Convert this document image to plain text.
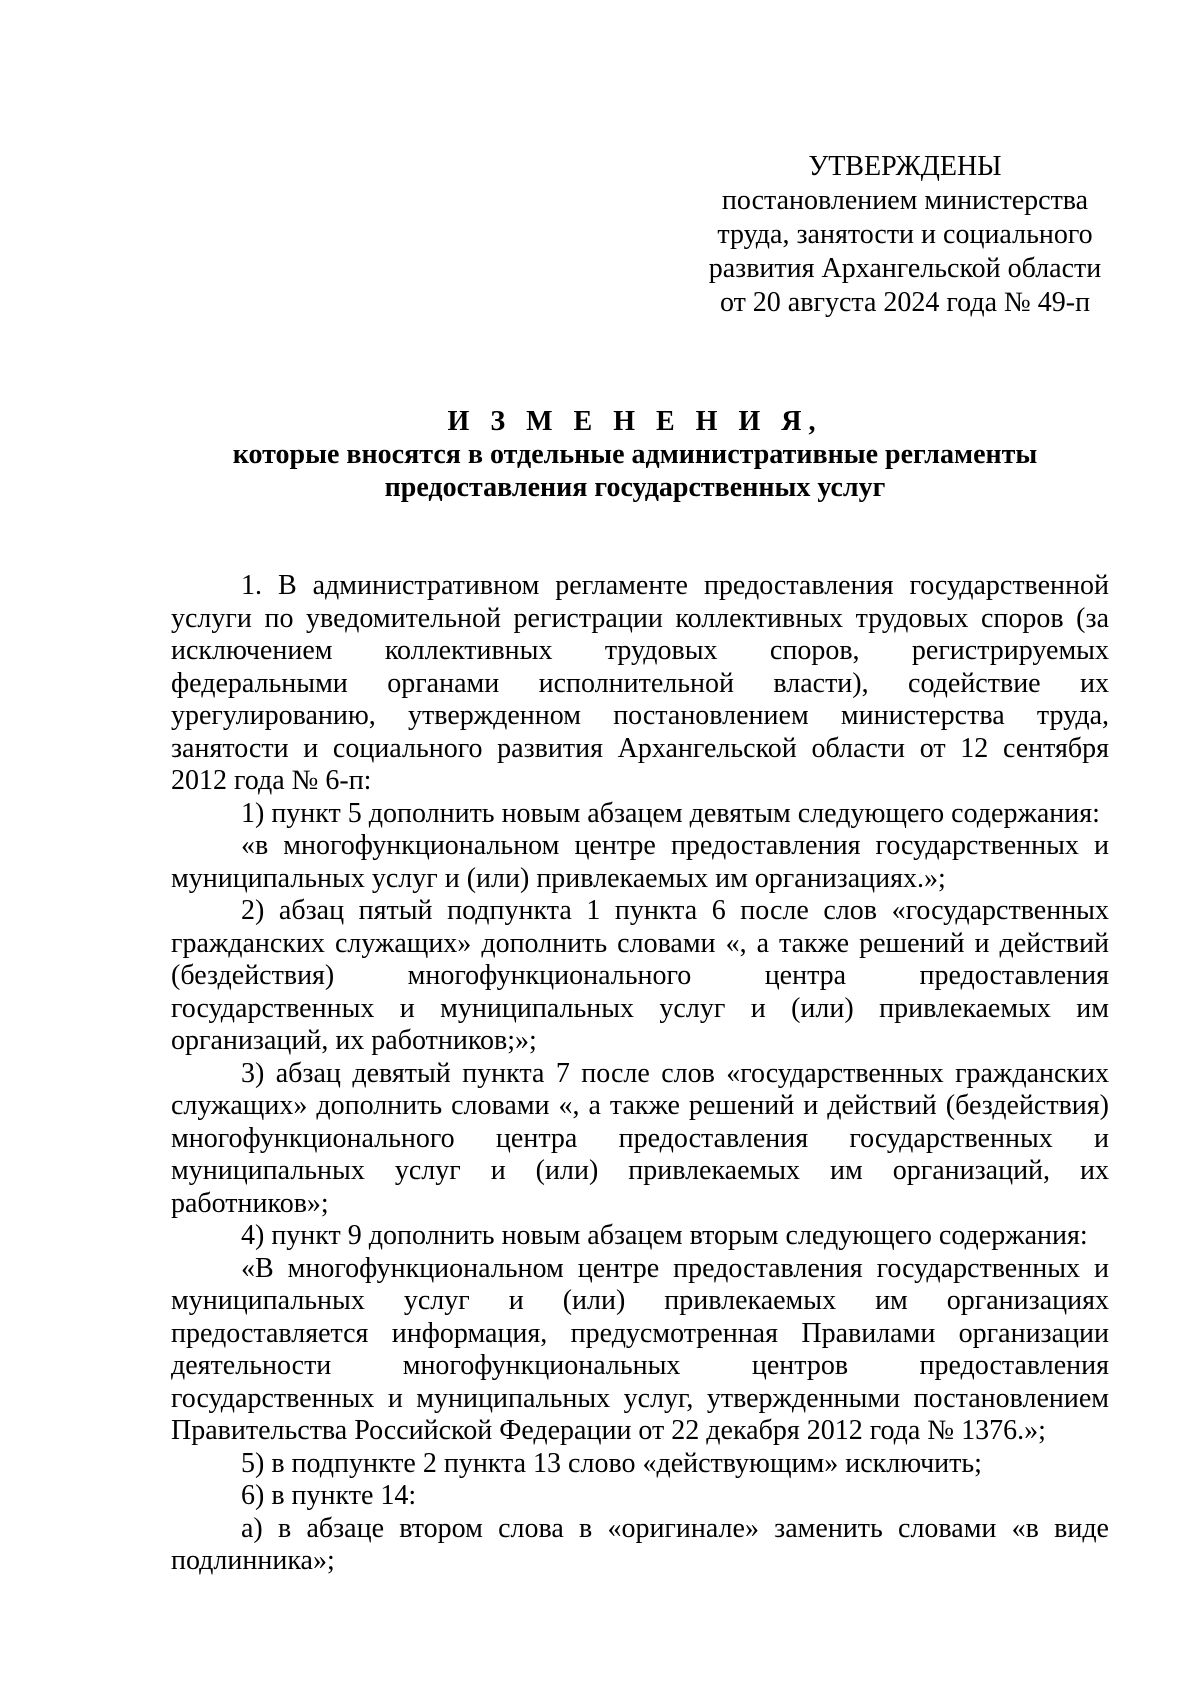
УТВЕРЖДЕНЫ
постановлением министерства
труда, занятости и социального
развития Архангельской области
от 20 августа 2024 года № 49-п
И З М Е Н Е Н И Я,
которые вносятся в отдельные административные регламенты
предоставления государственных услуг

1. В административном регламенте предоставления государственной услуги по уведомительной регистрации коллективных трудовых споров (за исключением коллективных трудовых споров, регистрируемых федеральными органами исполнительной власти), содействие их урегулированию, утвержденном постановлением министерства труда, занятости и социального развития Архангельской области от 12 сентября 2012 года № 6-п:

1) пункт 5 дополнить новым абзацем девятым следующего содержания:

«в многофункциональном центре предоставления государственных и муниципальных услуг и (или) привлекаемых им организациях.»;

2) абзац пятый подпункта 1 пункта 6 после слов «государственных гражданских служащих» дополнить словами «, а также решений и действий (бездействия) многофункционального центра предоставления государственных и муниципальных услуг и (или) привлекаемых им организаций, их работников;»;

3) абзац девятый пункта 7 после слов «государственных гражданских служащих» дополнить словами «, а также решений и действий (бездействия) многофункционального центра предоставления государственных и муниципальных услуг и (или) привлекаемых им организаций, их работников»;

4) пункт 9 дополнить новым абзацем вторым следующего содержания:

«В многофункциональном центре предоставления государственных и муниципальных услуг и (или) привлекаемых им организациях предоставляется информация, предусмотренная Правилами организации деятельности многофункциональных центров предоставления государственных и муниципальных услуг, утвержденными постановлением Правительства Российской Федерации от 22 декабря 2012 года № 1376.»;

5) в подпункте 2 пункта 13 слово «действующим» исключить;

6) в пункте 14:

а) в абзаце втором слова в «оригинале» заменить словами «в виде подлинника»;
